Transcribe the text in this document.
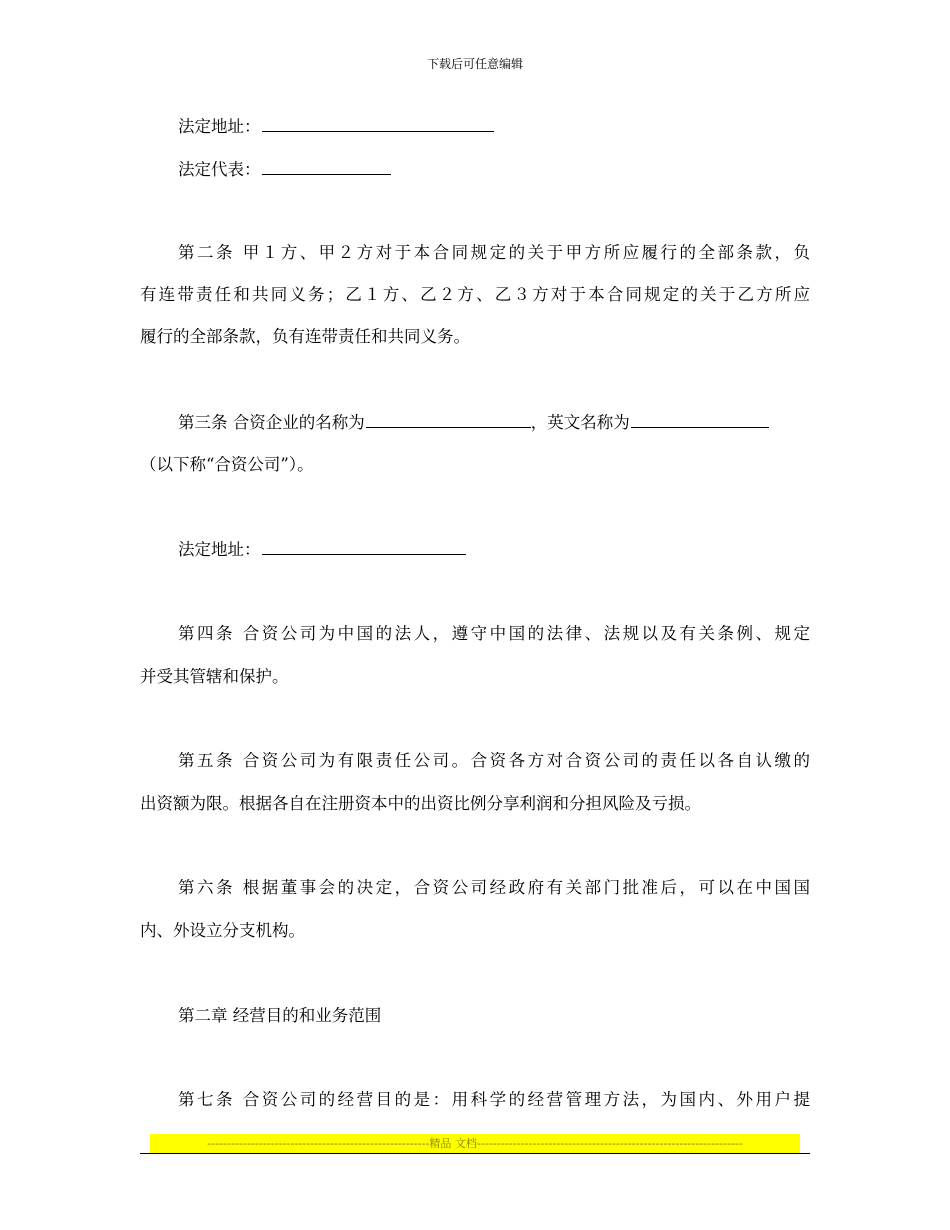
下载后可任意编辑
法定地址：
法定代表：
第二条 甲１方、甲２方对于本合同规定的关于甲方所应履行的全部条款，负
有连带责任和共同义务；乙１方、乙２方、乙３方对于本合同规定的关于乙方所应
履行的全部条款，负有连带责任和共同义务。
第三条 合资企业的名称为	，英文名称为
（以下称“合资公司”）。
法定地址：
第四条 合资公司为中国的法人，遵守中国的法律、法规以及有关条例、规定
并受其管辖和保护。
第五条 合资公司为有限责任公司。合资各方对合资公司的责任以各自认缴的
出资额为限。根据各自在注册资本中的出资比例分享利润和分担风险及亏损。
第六条 根据董事会的决定，合资公司经政府有关部门批准后，可以在中国国
内、外设立分支机构。
第二章 经营目的和业务范围
第七条 合资公司的经营目的是：用科学的经营管理方法，为国内、外用户提
--------------------------------------------------------精品 文档-------------------------------------------------------------------
